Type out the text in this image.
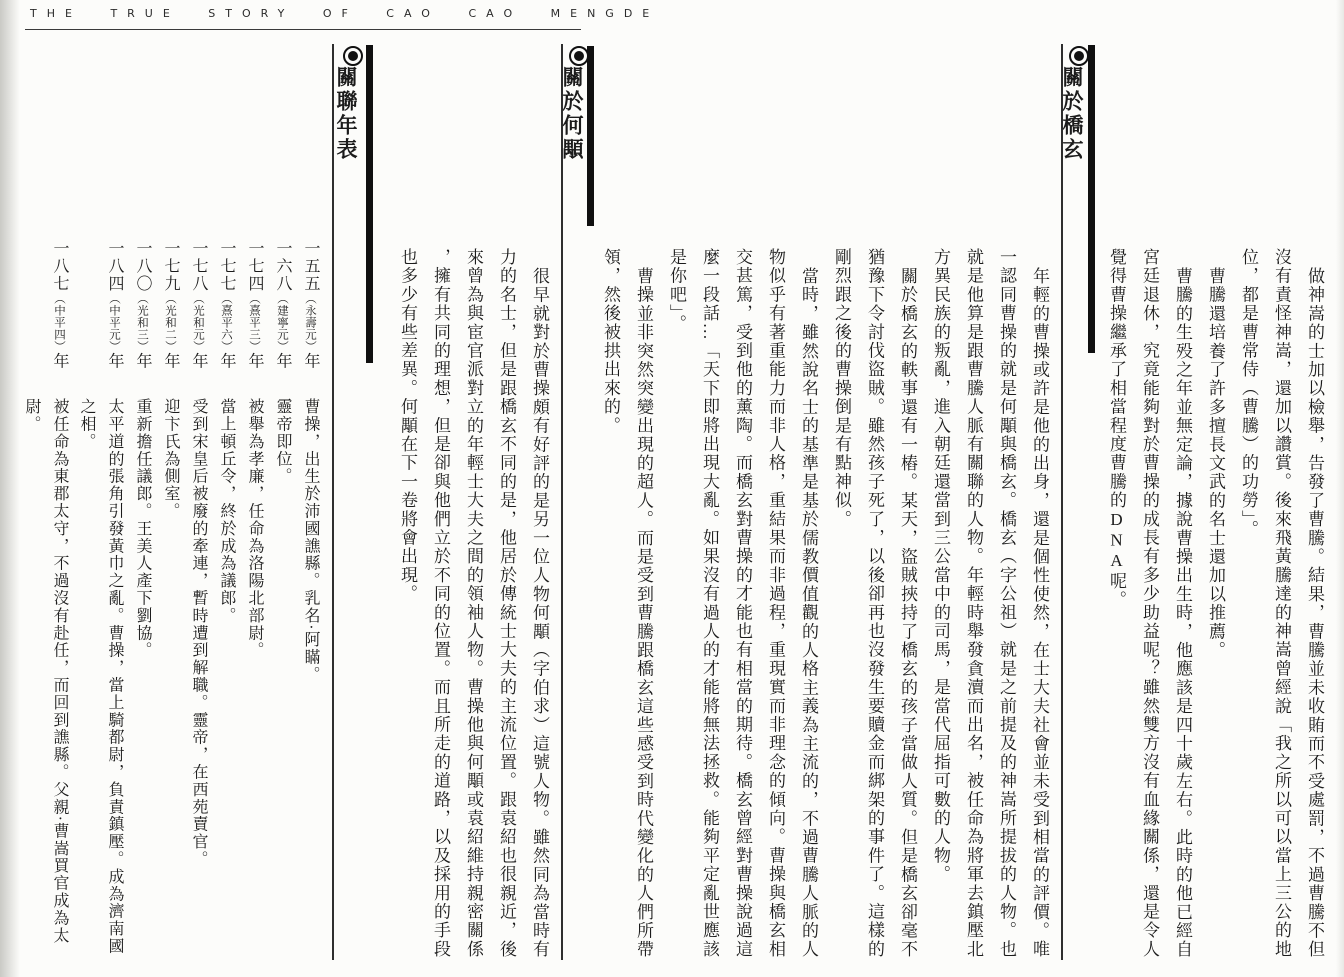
THE TRUE STORY OF CAO CAO MENGDE
做神嵩的士加以檢舉，告發了曹騰。結果，曹騰並未收賄而不受處罰，不過曹騰不但
沒有責怪神嵩，還加以讚賞。後來飛黃騰達的神嵩曾經說「我之所以可以當上三公的地
位，都是曹常侍（曹騰）的功勞」。
曹騰還培養了許多擅長文武的名士還加以推薦。
曹騰的生殁之年並無定論，據說曹操出生時，他應該是四十歲左右。此時的他已經自
宮廷退休，究竟能夠對於曹操的成長有多少助益呢？雖然雙方沒有血緣關係，還是令人
覺得曹操繼承了相當程度曹騰的DNA呢。
關於橋玄
年輕的曹操或許是他的出身，還是個性使然，在士大夫社會並未受到相當的評價。唯
一認同曹操的就是何顒與橋玄。橋玄（字公祖）就是之前提及的神嵩所提拔的人物。也
就是他算是跟曹騰人脈有關聯的人物。年輕時舉發貪瀆而出名，被任命為將軍去鎮壓北
方異民族的叛亂，進入朝廷還當到三公當中的司馬，是當代屈指可數的人物。
關於橋玄的軼事還有一樁。某天，盜賊挾持了橋玄的孩子當做人質。但是橋玄卻毫不
猶豫下令討伐盜賊。雖然孩子死了，以後卻再也沒發生要贖金而綁架的事件了。這樣的
剛烈跟之後的曹操倒是有點神似。
當時，雖然說名士的基準是基於儒教價值觀的人格主義為主流的，不過曹騰人脈的人
物似乎有著重能力而非人格，重結果而非過程，重現實而非理念的傾向。曹操與橋玄相
交甚篤，受到他的薰陶。而橋玄對曹操的才能也有相當的期待。橋玄曾經對曹操說過這
麼一段話…「天下即將出現大亂。如果沒有過人的才能將無法拯救。能夠平定亂世應該
是你吧」。
曹操並非突然突變出現的超人。而是受到曹騰跟橋玄這些感受到時代變化的人們所帶
領，然後被拱出來的。
關於何顒
很早就對於曹操頗有好評的是另一位人物何顒（字伯求）這號人物。雖然同為當時有
力的名士，但是跟橋玄不同的是，他居於傳統士大夫的主流位置。跟袁紹也很親近，後
來曾為與宦官派對立的年輕士大夫之間的領袖人物。曹操他與何顒或袁紹維持親密關係
，擁有共同的理想，但是卻與他們立於不同的位置。而且所走的道路，以及採用的手段
也多少有些差異。何顒在下一卷將會出現。
關聯年表
一五五（永壽元）年曹操，出生於沛國譙縣。乳名·阿瞞。
一六八（建寧元）年靈帝即位。
一七四（熹平三）年被舉為孝廉，任命為洛陽北部尉。
一七七（熹平六）年當上頓丘令，終於成為議郎。
一七八（光和元）年受到宋皇后被廢的牽連，暫時遭到解職。靈帝，在西苑賣官。
一七九（光和二）年迎卞氏為側室。
一八〇（光和三）年重新擔任議郎。王美人產下劉協。
一八四（中平元）年太平道的張角引發黃巾之亂。曹操，當上騎都尉，負責鎮壓。成為濟南國
之相。
一八七（中平四）年被任命為東郡太守，不過沒有赴任，而回到譙縣。父親·曹嵩買官成為太
尉。
